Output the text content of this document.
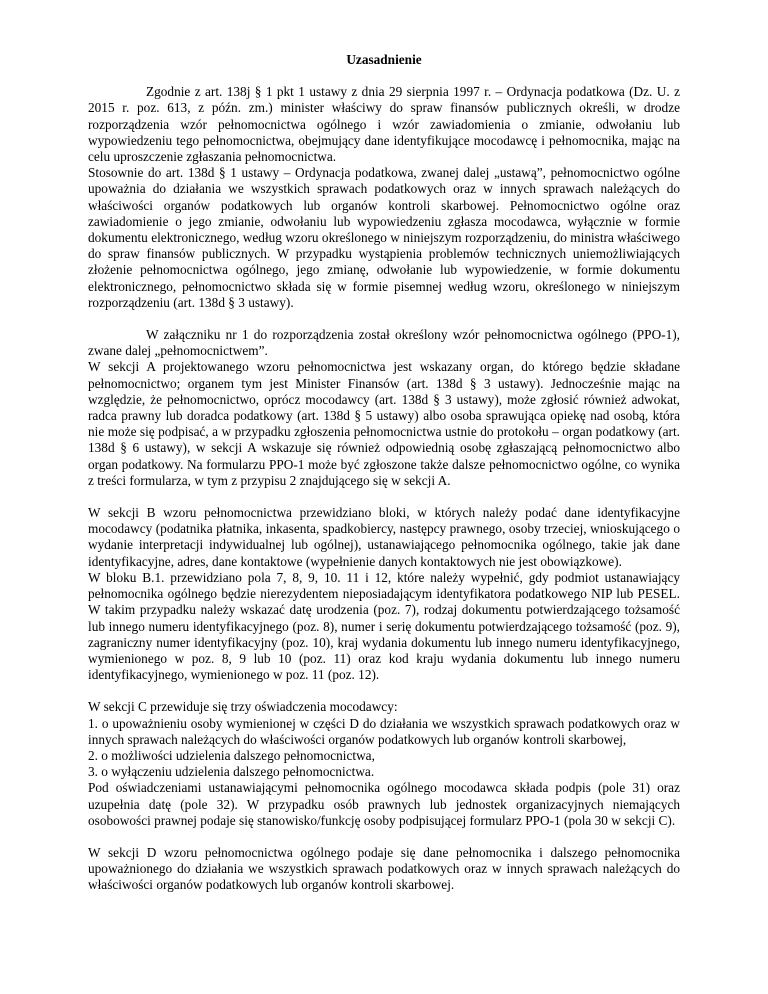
Uzasadnienie

Zgodnie z art. 138j § 1 pkt 1 ustawy z dnia 29 sierpnia 1997 r. – Ordynacja podatkowa (Dz. U. z 2015 r. poz. 613, z późn. zm.) minister właściwy do spraw finansów publicznych określi, w drodze rozporządzenia wzór pełnomocnictwa ogólnego i wzór zawiadomienia o zmianie, odwołaniu lub wypowiedzeniu tego pełnomocnictwa, obejmujący dane identyfikujące mocodawcę i pełnomocnika, mając na celu uproszczenie zgłaszania pełnomocnictwa.

Stosownie do art. 138d § 1 ustawy – Ordynacja podatkowa, zwanej dalej „ustawą”, pełnomocnictwo ogólne upoważnia do działania we wszystkich sprawach podatkowych oraz w innych sprawach należących do właściwości organów podatkowych lub organów kontroli skarbowej. Pełnomocnictwo ogólne oraz zawiadomienie o jego zmianie, odwołaniu lub wypowiedzeniu zgłasza mocodawca, wyłącznie w formie dokumentu elektronicznego, według wzoru określonego w niniejszym rozporządzeniu, do ministra właściwego do spraw finansów publicznych. W przypadku wystąpienia problemów technicznych uniemożliwiających złożenie pełnomocnictwa ogólnego, jego zmianę, odwołanie lub wypowiedzenie, w formie dokumentu elektronicznego, pełnomocnictwo składa się w formie pisemnej według wzoru, określonego w niniejszym rozporządzeniu (art. 138d § 3 ustawy).

W załączniku nr 1 do rozporządzenia został określony wzór pełnomocnictwa ogólnego (PPO-1), zwane dalej „pełnomocnictwem”.

W sekcji A projektowanego wzoru pełnomocnictwa jest wskazany organ, do którego będzie składane pełnomocnictwo; organem tym jest Minister Finansów (art. 138d § 3 ustawy). Jednocześnie mając na względzie, że pełnomocnictwo, oprócz mocodawcy (art. 138d § 3 ustawy), może zgłosić również adwokat, radca prawny lub doradca podatkowy (art. 138d § 5 ustawy) albo osoba sprawująca opiekę nad osobą, która nie może się podpisać, a w przypadku zgłoszenia pełnomocnictwa ustnie do protokołu – organ podatkowy (art. 138d § 6 ustawy), w sekcji A wskazuje się również odpowiednią osobę zgłaszającą pełnomocnictwo albo organ podatkowy. Na formularzu PPO-1 może być zgłoszone także dalsze pełnomocnictwo ogólne, co wynika z treści formularza, w tym z przypisu 2 znajdującego się w sekcji A.

W sekcji B wzoru pełnomocnictwa przewidziano bloki, w których należy podać dane identyfikacyjne mocodawcy (podatnika płatnika, inkasenta, spadkobiercy, następcy prawnego, osoby trzeciej, wnioskującego o wydanie interpretacji indywidualnej lub ogólnej), ustanawiającego pełnomocnika ogólnego, takie jak dane identyfikacyjne, adres, dane kontaktowe (wypełnienie danych kontaktowych nie jest obowiązkowe).

W bloku B.1. przewidziano pola 7, 8, 9, 10. 11 i 12, które należy wypełnić, gdy podmiot ustanawiający pełnomocnika ogólnego będzie nierezydentem nieposiadającym identyfikatora podatkowego NIP lub PESEL. W takim przypadku należy wskazać datę urodzenia (poz. 7), rodzaj dokumentu potwierdzającego tożsamość lub innego numeru identyfikacyjnego (poz. 8), numer i serię dokumentu potwierdzającego tożsamość (poz. 9), zagraniczny numer identyfikacyjny (poz. 10), kraj wydania dokumentu lub innego numeru identyfikacyjnego, wymienionego w poz. 8, 9 lub 10 (poz. 11) oraz kod kraju wydania dokumentu lub innego numeru identyfikacyjnego, wymienionego w poz. 11 (poz. 12).

W sekcji C przewiduje się trzy oświadczenia mocodawcy:

1. o upoważnieniu osoby wymienionej w części D do działania we wszystkich sprawach podatkowych oraz w innych sprawach należących do właściwości organów podatkowych lub organów kontroli skarbowej,

2. o możliwości udzielenia dalszego pełnomocnictwa,

3. o wyłączeniu udzielenia dalszego pełnomocnictwa.

Pod oświadczeniami ustanawiającymi pełnomocnika ogólnego mocodawca składa podpis (pole 31) oraz uzupełnia datę (pole 32). W przypadku osób prawnych lub jednostek organizacyjnych niemających osobowości prawnej podaje się stanowisko/funkcję osoby podpisującej formularz PPO-1 (pola 30 w sekcji C).

W sekcji D wzoru pełnomocnictwa ogólnego podaje się dane pełnomocnika i dalszego pełnomocnika upoważnionego do działania we wszystkich sprawach podatkowych oraz w innych sprawach należących do właściwości organów podatkowych lub organów kontroli skarbowej.
